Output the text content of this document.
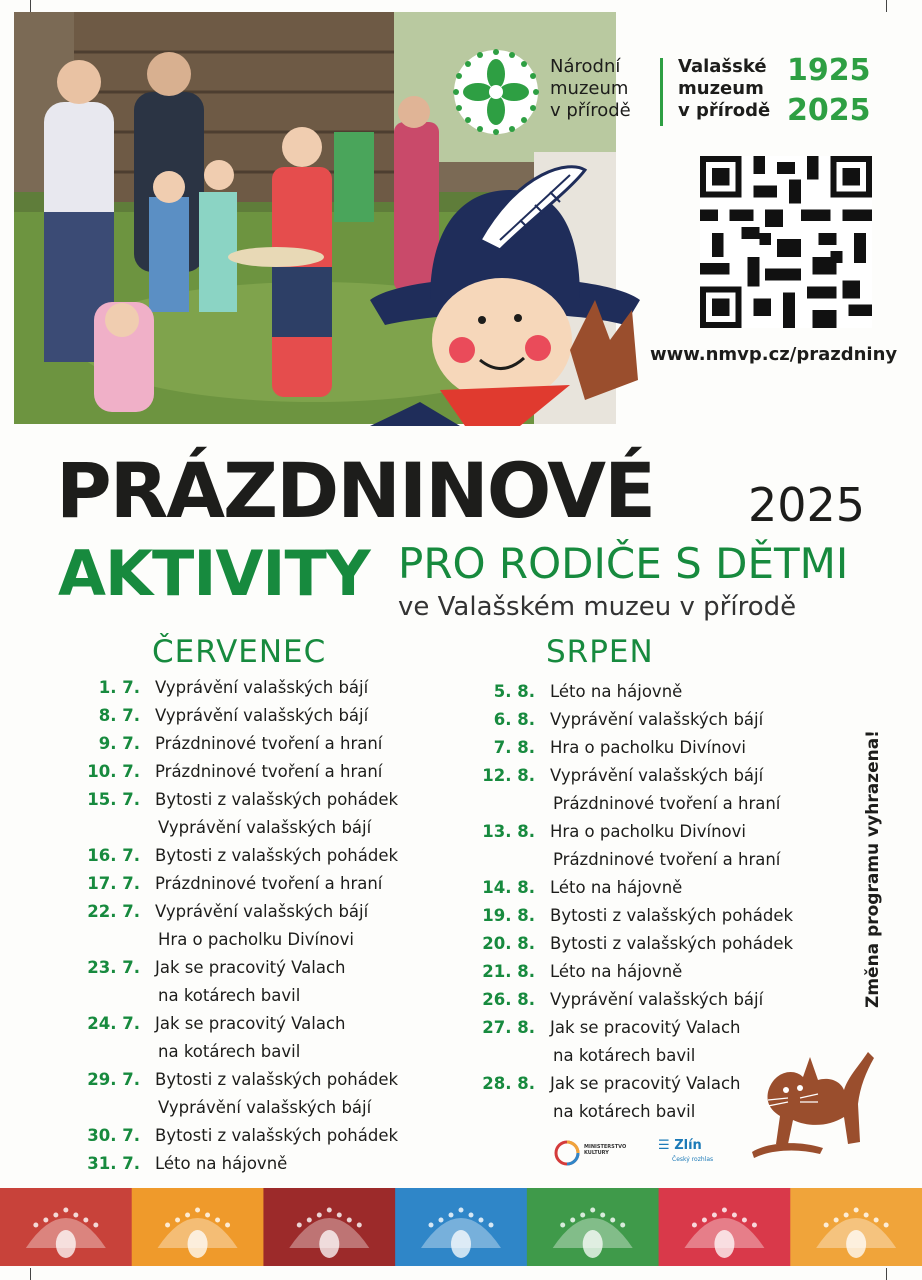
Národní
muzeum
v přírodě
Valašské
muzeum
v přírodě
1925
2025
www.nmvp.cz/prazdniny
PRÁZDNINOVÉ 2025
AKTIVITY PRO RODIČE S DĚTMI
ve Valašském muzeu v přírodě
ČERVENEC	SRPEN
1. 7. Vyprávění valašských bájí
8. 7. Vyprávění valašských bájí
9. 7. Prázdninové tvoření a hraní
10. 7. Prázdninové tvoření a hraní
15. 7. Bytosti z valašských pohádek
Vyprávění valašských bájí
16. 7. Bytosti z valašských pohádek
17. 7. Prázdninové tvoření a hraní
22. 7. Vyprávění valašských bájí
Hra o pacholku Divínovi
23. 7. Jak se pracovitý Valach
na kotárech bavil
24. 7. Jak se pracovitý Valach
na kotárech bavil
29. 7. Bytosti z valašských pohádek
Vyprávění valašských bájí
30. 7. Bytosti z valašských pohádek
31. 7. Léto na hájovně
5. 8. Léto na hájovně
6. 8. Vyprávění valašských bájí
7. 8. Hra o pacholku Divínovi
12. 8. Vyprávění valašských bájí
Prázdninové tvoření a hraní
13. 8. Hra o pacholku Divínovi
Prázdninové tvoření a hraní
14. 8. Léto na hájovně
19. 8. Bytosti z valašských pohádek
20. 8. Bytosti z valašských pohádek
21. 8. Léto na hájovně
26. 8. Vyprávění valašských bájí
27. 8. Jak se pracovitý Valach
na kotárech bavil
28. 8. Jak se pracovitý Valach
na kotárech bavil
Změna programu vyhrazena!
MINISTERSTVO
KULTURY	☰ Zlín
Český rozhlas
